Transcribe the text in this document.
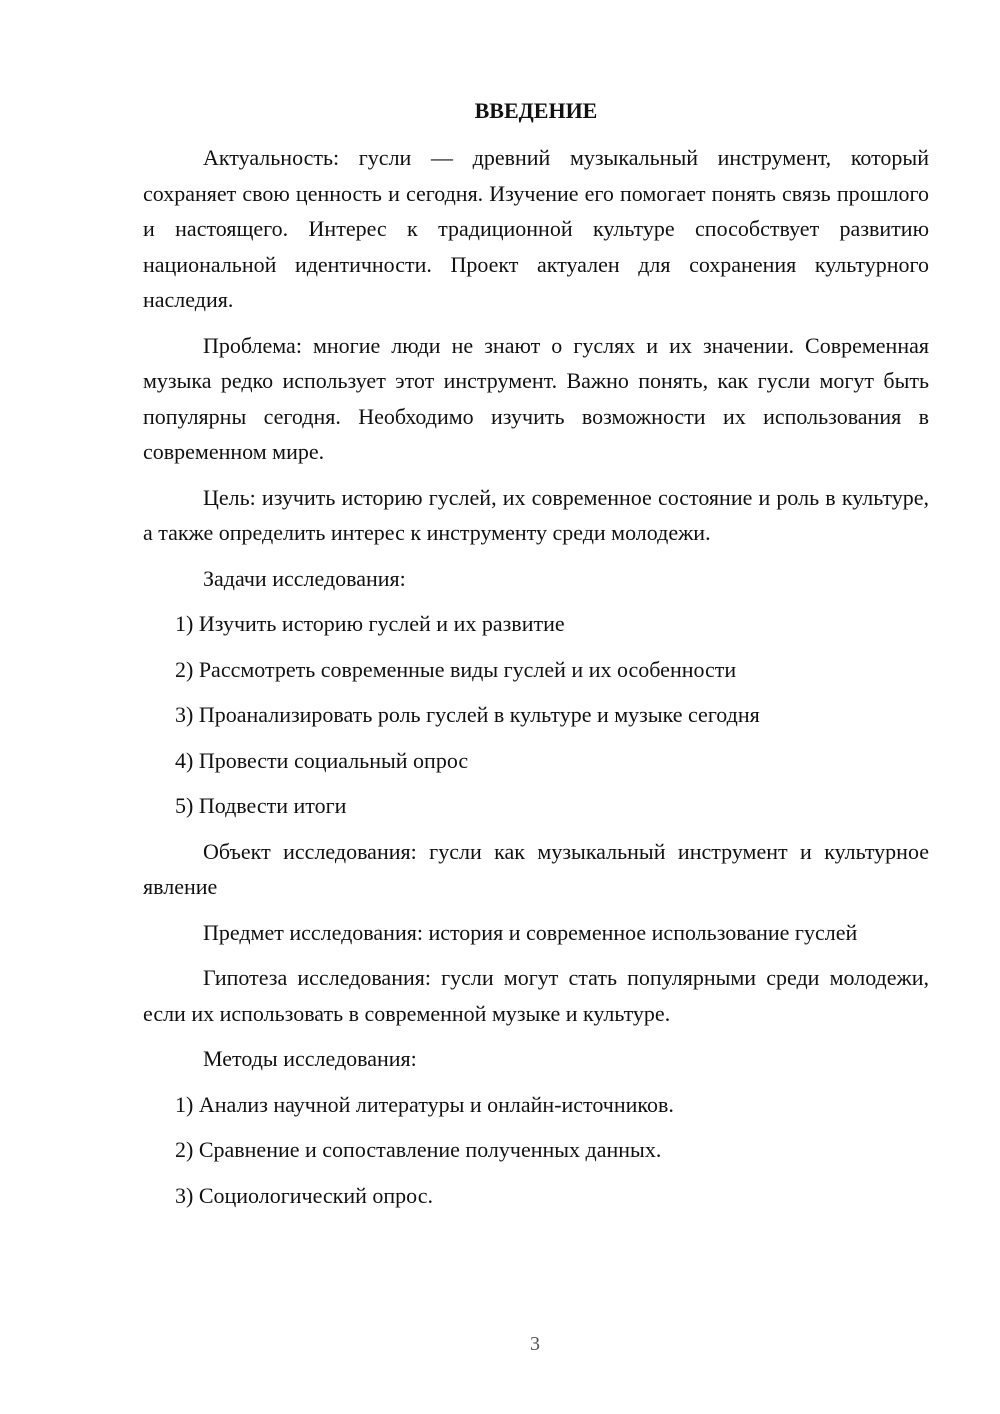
ВВЕДЕНИЕ

Актуальность: гусли — древний музыкальный инструмент, который сохраняет свою ценность и сегодня. Изучение его помогает понять связь прошлого и настоящего. Интерес к традиционной культуре способствует развитию национальной идентичности. Проект актуален для сохранения культурного наследия.

Проблема: многие люди не знают о гуслях и их значении. Современная музыка редко использует этот инструмент. Важно понять, как гусли могут быть популярны сегодня. Необходимо изучить возможности их использования в современном мире.

Цель: изучить историю гуслей, их современное состояние и роль в культуре, а также определить интерес к инструменту среди молодежи.

Задачи исследования:

1) Изучить историю гуслей и их развитие
2) Рассмотреть современные виды гуслей и их особенности
3) Проанализировать роль гуслей в культуре и музыке сегодня
4) Провести социальный опрос
5) Подвести итоги

Объект исследования: гусли как музыкальный инструмент и культурное явление

Предмет исследования: история и современное использование гуслей

Гипотеза исследования: гусли могут стать популярными среди молодежи, если их использовать в современной музыке и культуре.

Методы исследования:

1) Анализ научной литературы и онлайн-источников.
2) Сравнение и сопоставление полученных данных.
3) Социологический опрос.
3
